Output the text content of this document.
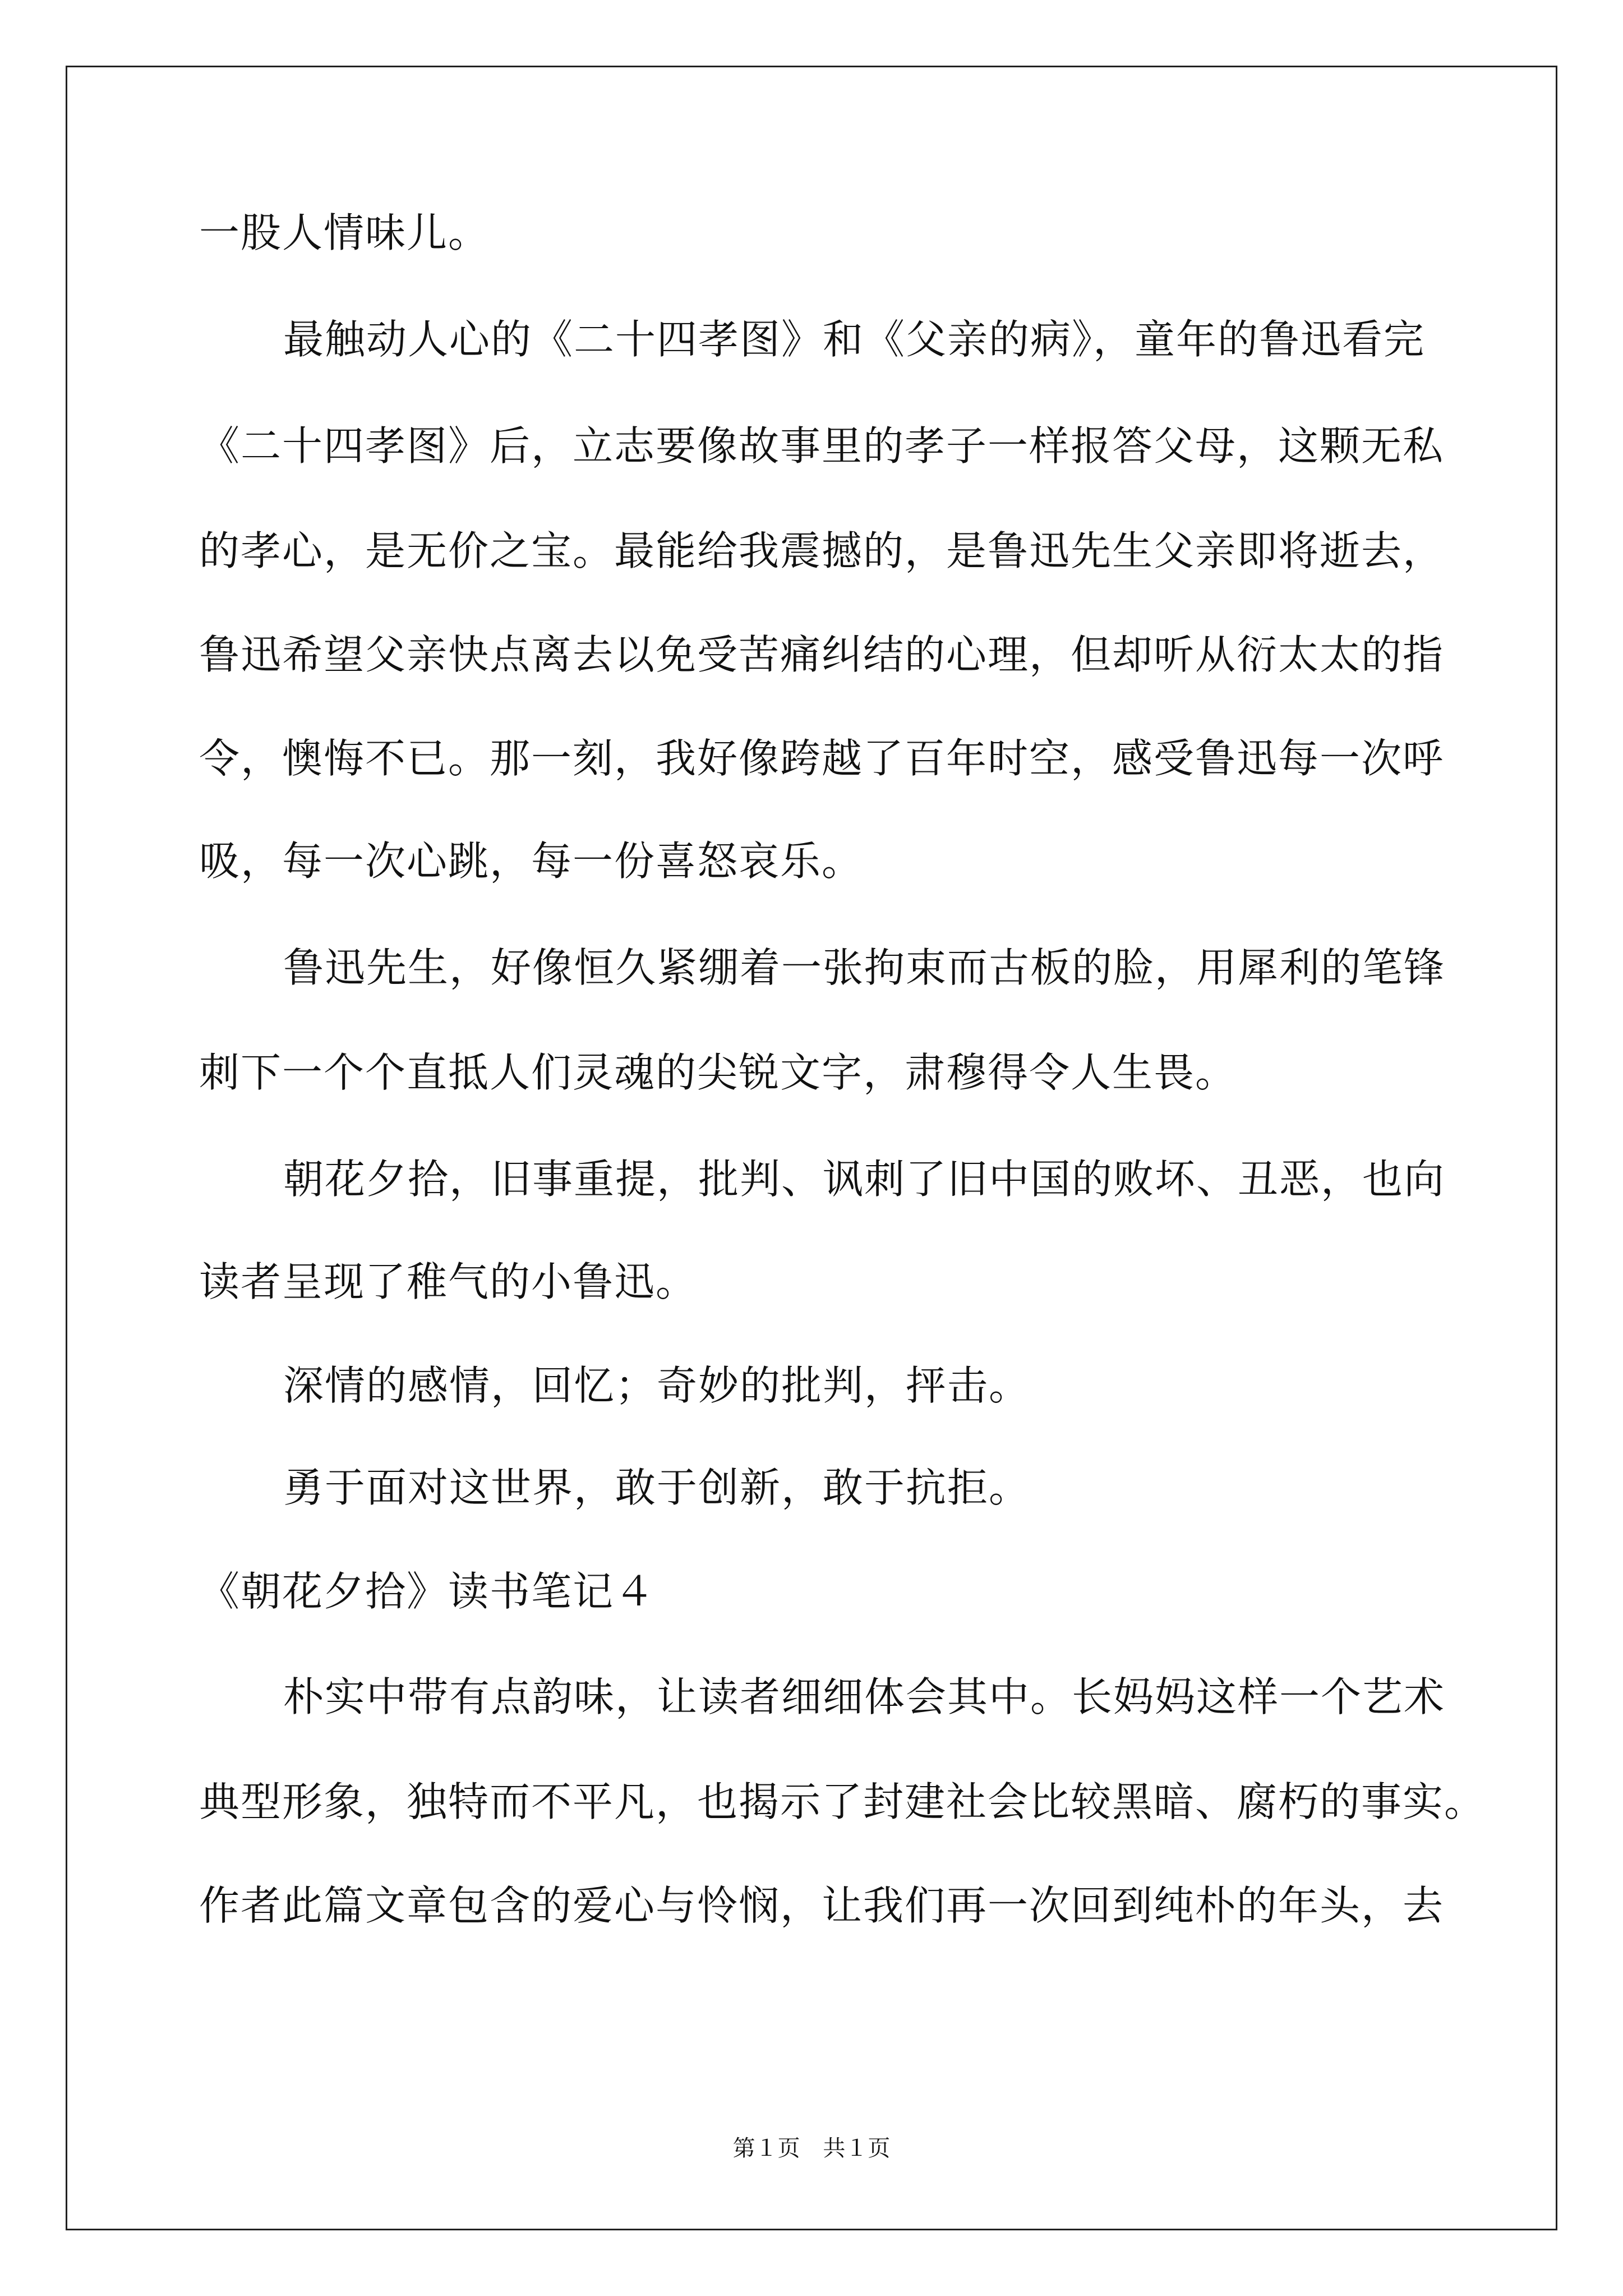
一股人情味儿。
最触动人心的《二十四孝图》和《父亲的病》，童年的鲁迅看完
《二十四孝图》后，立志要像故事里的孝子一样报答父母，这颗无私
的孝心，是无价之宝。最能给我震撼的，是鲁迅先生父亲即将逝去，
鲁迅希望父亲快点离去以免受苦痛纠结的心理，但却听从衍太太的指
令，懊悔不已。那一刻，我好像跨越了百年时空，感受鲁迅每一次呼
吸，每一次心跳，每一份喜怒哀乐。
鲁迅先生，好像恒久紧绷着一张拘束而古板的脸，用犀利的笔锋
刺下一个个直抵人们灵魂的尖锐文字，肃穆得令人生畏。
朝花夕拾，旧事重提，批判、讽刺了旧中国的败坏、丑恶，也向
读者呈现了稚气的小鲁迅。
深情的感情，回忆；奇妙的批判，抨击。
勇于面对这世界，敢于创新，敢于抗拒。
《朝花夕拾》读书笔记４
朴实中带有点韵味，让读者细细体会其中。长妈妈这样一个艺术
典型形象，独特而不平凡，也揭示了封建社会比较黑暗、腐朽的事实。
作者此篇文章包含的爱心与怜悯，让我们再一次回到纯朴的年头，去
第１页 共１页
